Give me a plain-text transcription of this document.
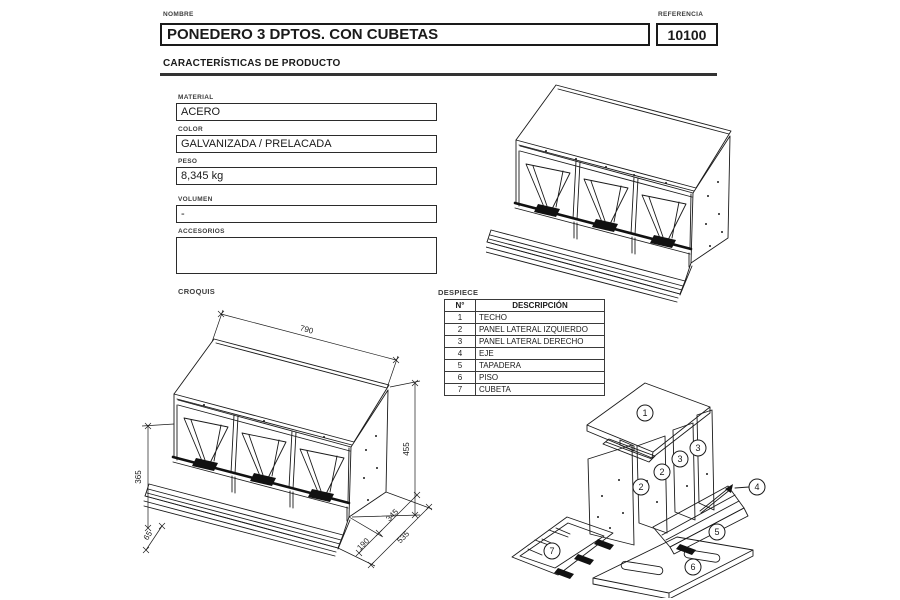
NOMBRE
PONEDERO 3 DPTOS. CON CUBETAS
REFERENCIA
10100
CARACTERÍSTICAS DE PRODUCTO
MATERIAL
ACERO
COLOR
GALVANIZADA / PRELACADA
PESO
8,345 kg
VOLUMEN
-
ACCESORIOS
CROQUIS	DESPIECE
N°	DESCRIPCIÓN
1	TECHO
2	PANEL LATERAL IZQUIERDO
3	PANEL LATERAL DERECHO
4	EJE
5	TAPADERA
6	PISO
7	CUBETA
790
455
365
65
190
345
535
1
2
2
3
3
4
5
6
7
